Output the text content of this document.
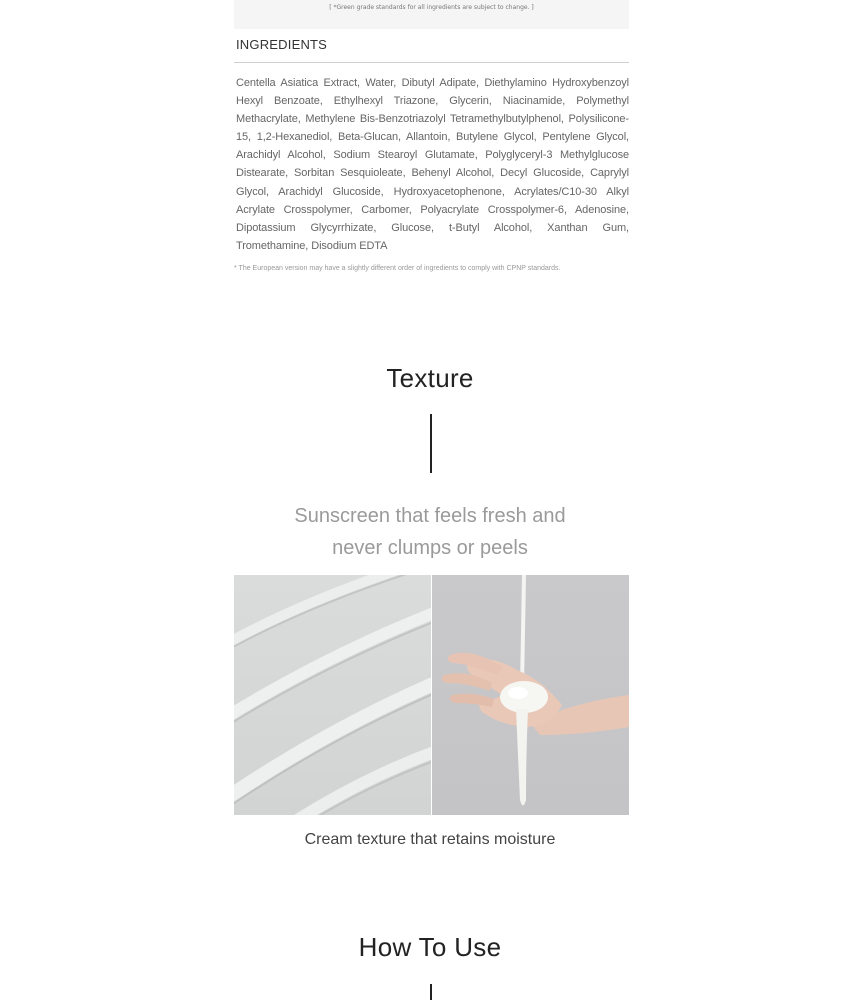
[ *Green grade standards for all ingredients are subject to change. ]
INGREDIENTS

Centella Asiatica Extract, Water, Dibutyl Adipate, Diethylamino Hydroxybenzoyl Hexyl Benzoate, Ethylhexyl Triazone, Glycerin, Niacinamide, Polymethyl Methacrylate, Methylene Bis-Benzotriazolyl Tetramethylbutylphenol, Polysilicone-15, 1,2-Hexanediol, Beta-Glucan, Allantoin, Butylene Glycol, Pentylene Glycol, Arachidyl Alcohol, Sodium Stearoyl Glutamate, Polyglyceryl-3 Methylglucose Distearate, Sorbitan Sesquioleate, Behenyl Alcohol, Decyl Glucoside, Caprylyl Glycol, Arachidyl Glucoside, Hydroxyacetophenone, Acrylates/C10-30 Alkyl Acrylate Crosspolymer, Carbomer, Polyacrylate Crosspolymer-6, Adenosine, Dipotassium Glycyrrhizate, Glucose, t-Butyl Alcohol, Xanthan Gum, Tromethamine, Disodium EDTA

* The European version may have a slightly different order of ingredients to comply with CPNP standards.
Texture
Sunscreen that feels fresh and
never clumps or peels
Cream texture that retains moisture
How To Use
